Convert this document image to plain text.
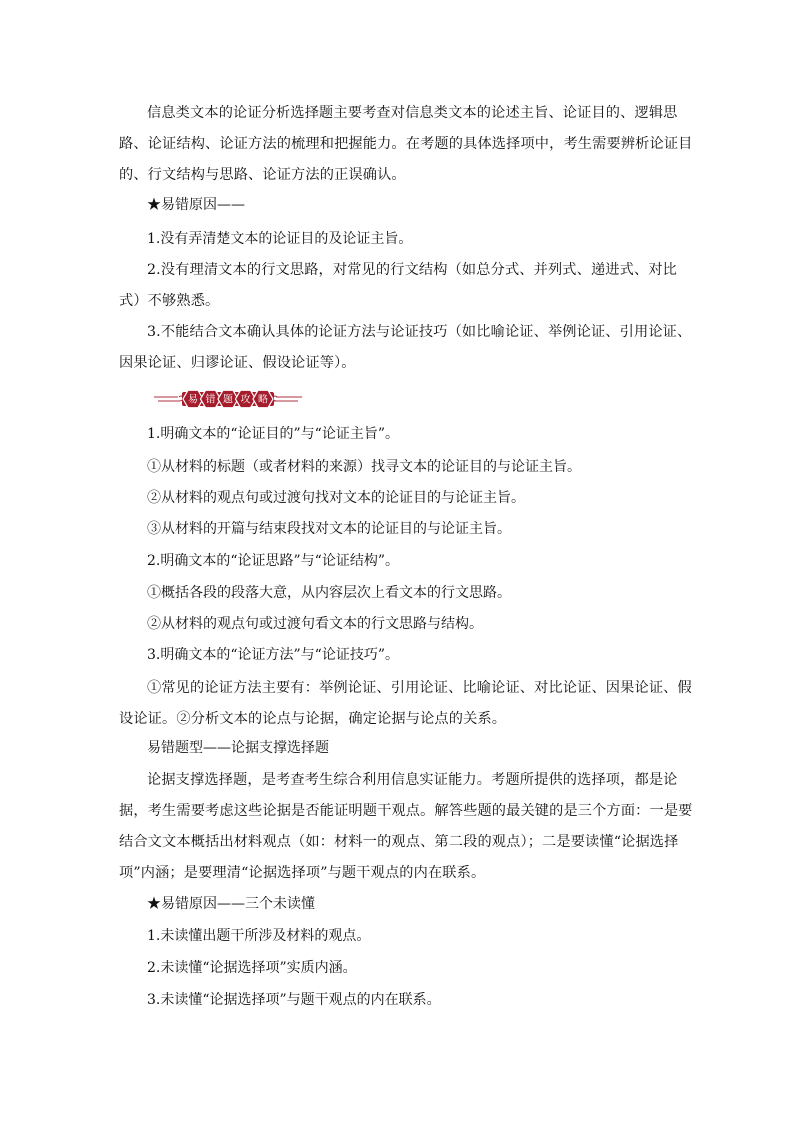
信息类文本的论证分析选择题主要考查对信息类文本的论述主旨、论证目的、逻辑思路、论证结构、论证方法的梳理和把握能力。在考题的具体选择项中，考生需要辨析论证目的、行文结构与思路、论证方法的正误确认。

★易错原因——

1.没有弄清楚文本的论证目的及论证主旨。

2.没有理清文本的行文思路，对常见的行文结构（如总分式、并列式、递进式、对比式）不够熟悉。

3.不能结合文本确认具体的论证方法与论证技巧（如比喻论证、举例论证、引用论证、因果论证、归谬论证、假设论证等）。

易 错 题 攻 略

1.明确文本的“论证目的”与“论证主旨”。

①从材料的标题（或者材料的来源）找寻文本的论证目的与论证主旨。

②从材料的观点句或过渡句找对文本的论证目的与论证主旨。

③从材料的开篇与结束段找对文本的论证目的与论证主旨。

2.明确文本的“论证思路”与“论证结构”。

①概括各段的段落大意，从内容层次上看文本的行文思路。

②从材料的观点句或过渡句看文本的行文思路与结构。

3.明确文本的“论证方法”与“论证技巧”。

①常见的论证方法主要有：举例论证、引用论证、比喻论证、对比论证、因果论证、假设论证。②分析文本的论点与论据，确定论据与论点的关系。

易错题型——论据支撑选择题

论据支撑选择题，是考查考生综合利用信息实证能力。考题所提供的选择项，都是论据，考生需要考虑这些论据是否能证明题干观点。解答些题的最关键的是三个方面：一是要结合文文本概括出材料观点（如：材料一的观点、第二段的观点）；二是要读懂“论据选择项”内涵；是要理清“论据选择项”与题干观点的内在联系。

★易错原因——三个未读懂

1.未读懂出题干所涉及材料的观点。

2.未读懂“论据选择项”实质内涵。

3.未读懂“论据选择项”与题干观点的内在联系。
